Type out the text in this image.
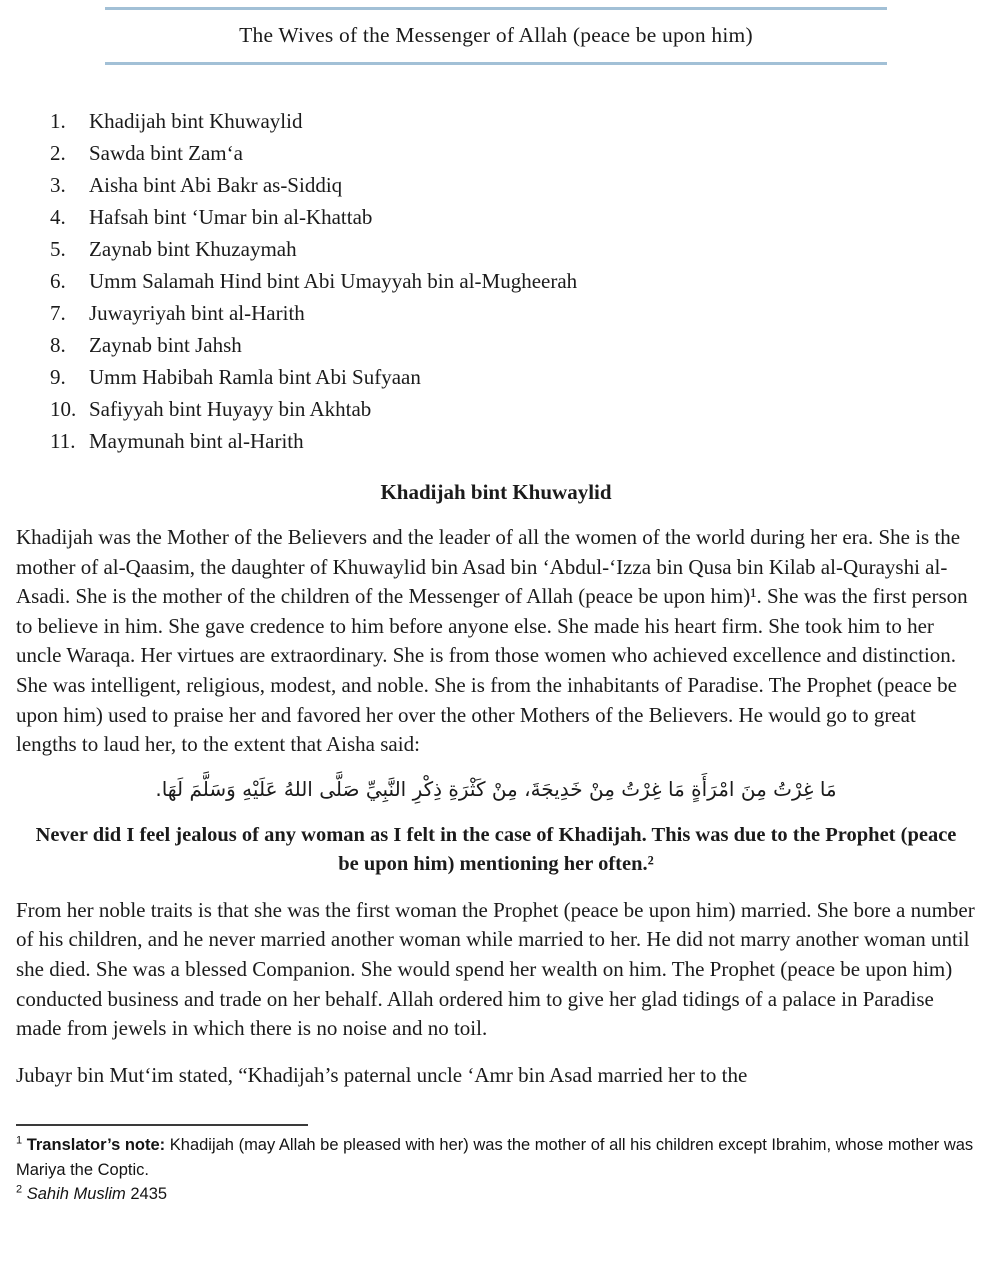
The Wives of the Messenger of Allah (peace be upon him)
1. Khadijah bint Khuwaylid
2. Sawda bint Zam‘a
3. Aisha bint Abi Bakr as-Siddiq
4. Hafsah bint ‘Umar bin al-Khattab
5. Zaynab bint Khuzaymah
6. Umm Salamah Hind bint Abi Umayyah bin al-Mugheerah
7. Juwayriyah bint al-Harith
8. Zaynab bint Jahsh
9. Umm Habibah Ramla bint Abi Sufyaan
10. Safiyyah bint Huyayy bin Akhtab
11. Maymunah bint al-Harith
Khadijah bint Khuwaylid

Khadijah was the Mother of the Believers and the leader of all the women of the world during her era. She is the mother of al-Qaasim, the daughter of Khuwaylid bin Asad bin ‘Abdul-‘Izza bin Qusa bin Kilab al-Qurayshi al-Asadi. She is the mother of the children of the Messenger of Allah (peace be upon him)¹. She was the first person to believe in him. She gave credence to him before anyone else. She made his heart firm. She took him to her uncle Waraqa. Her virtues are extraordinary. She is from those women who achieved excellence and distinction. She was intelligent, religious, modest, and noble. She is from the inhabitants of Paradise. The Prophet (peace be upon him) used to praise her and favored her over the other Mothers of the Believers. He would go to great lengths to laud her, to the extent that Aisha said:

مَا غِرْتُ مِنَ امْرَأَةٍ مَا غِرْتُ مِنْ خَدِيجَةَ، مِنْ كَثْرَةِ ذِكْرِ النَّبِيِّ صَلَّى اللهُ عَلَيْهِ وَسَلَّمَ لَهَا.

Never did I feel jealous of any woman as I felt in the case of Khadijah. This was due to the Prophet (peace be upon him) mentioning her often.²

From her noble traits is that she was the first woman the Prophet (peace be upon him) married. She bore a number of his children, and he never married another woman while married to her. He did not marry another woman until she died. She was a blessed Companion. She would spend her wealth on him. The Prophet (peace be upon him) conducted business and trade on her behalf. Allah ordered him to give her glad tidings of a palace in Paradise made from jewels in which there is no noise and no toil.

Jubayr bin Mut‘im stated, “Khadijah’s paternal uncle ‘Amr bin Asad married her to the

$^1$ Translator’s note: Khadijah (may Allah be pleased with her) was the mother of all his children except Ibrahim, whose mother was Mariya the Coptic.

$^2$ Sahih Muslim 2435
